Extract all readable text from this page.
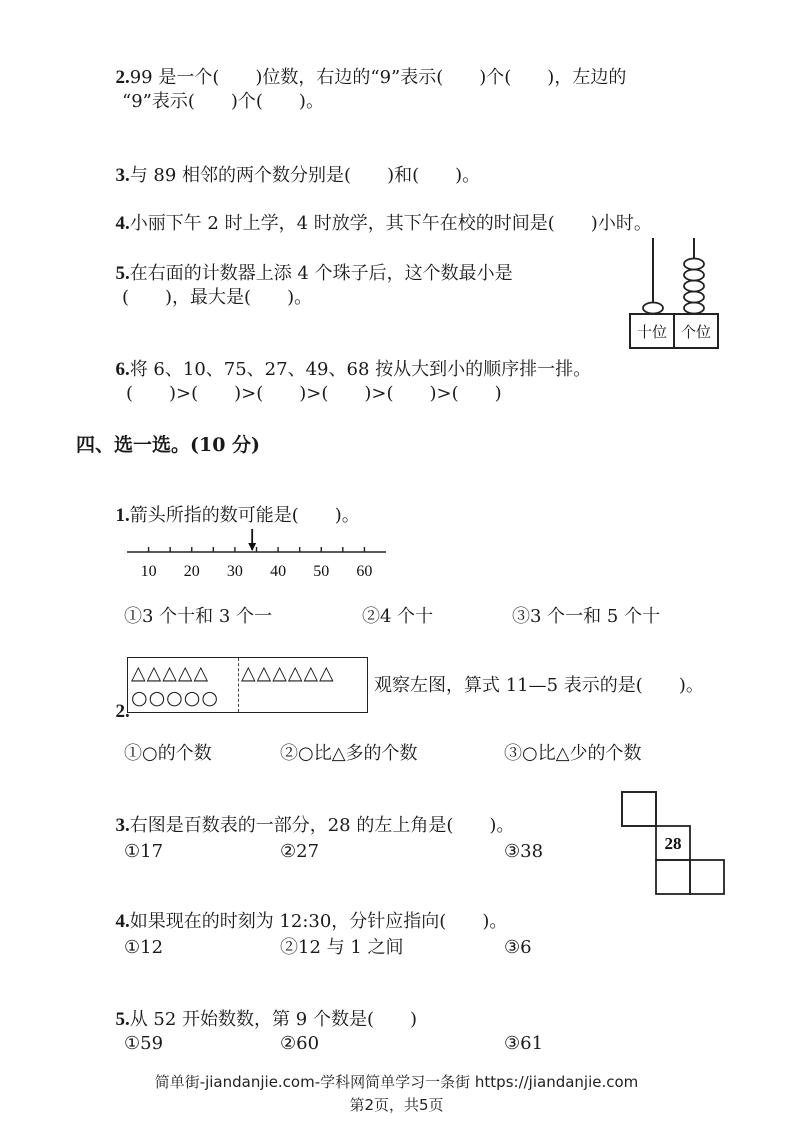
2.99 是一个(　　)位数，右边的“9”表示(　　)个(　　)，左边的

“9”表示(　　)个(　　)。

3.与 89 相邻的两个数分别是(　　)和(　　)。

4.小丽下午 2 时上学，4 时放学，其下午在校的时间是(　　)小时。

5.在右面的计数器上添 4 个珠子后，这个数最小是

(　　)，最大是(　　)。
十位 个位

6.将 6、10、75、27、49、68 按从大到小的顺序排一排。

(　　)>(　　)>(　　)>(　　)>(　　)>(　　)
四、选一选。(10 分)

1.箭头所指的数可能是(　　)。

10 20 30 40 50 60
①3 个十和 3 个一	②4 个十	③3 个一和 5 个十

2.

△△△△△ △△△△△△
○○○○○
观察左图，算式 11—5 表示的是(　　)。
①○的个数	②○比△多的个数	③○比△少的个数

3.右图是百数表的一部分，28 的左上角是(　　)。

28
①17	②27	③38

4.如果现在的时刻为 12:30，分针应指向(　　)。

①12	②12 与 1 之间	③6

5.从 52 开始数数，第 9 个数是(　　)

①59	②60	③61
简单街-jiandanjie.com-学科网简单学习一条街 https://jiandanjie.com
第2页，共5页
